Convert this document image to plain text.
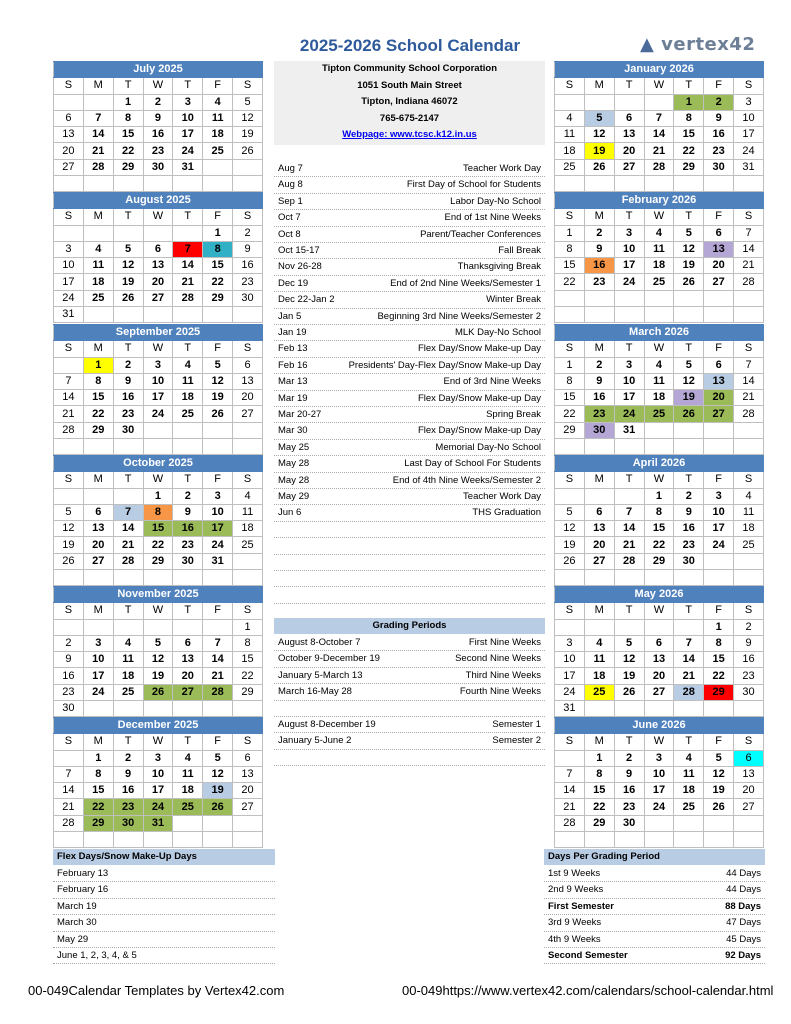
2025-2026 School Calendar	▲ vertex42
July 2025						
S	M	T	W	T	F	S
		1	2	3	4	5
6	7	8	9	10	11	12
13	14	15	16	17	18	19
20	21	22	23	24	25	26
27	28	29	30	31		

August 2025						
S	M	T	W	T	F	S
					1	2
3	4	5	6	7	8	9
10	11	12	13	14	15	16
17	18	19	20	21	22	23
24	25	26	27	28	29	30
31						
September 2025						
S	M	T	W	T	F	S
	1	2	3	4	5	6
7	8	9	10	11	12	13
14	15	16	17	18	19	20
21	22	23	24	25	26	27
28	29	30				

October 2025						
S	M	T	W	T	F	S
			1	2	3	4
5	6	7	8	9	10	11
12	13	14	15	16	17	18
19	20	21	22	23	24	25
26	27	28	29	30	31	

November 2025						
S	M	T	W	T	F	S
						1
2	3	4	5	6	7	8
9	10	11	12	13	14	15
16	17	18	19	20	21	22
23	24	25	26	27	28	29
30						
December 2025						
S	M	T	W	T	F	S
	1	2	3	4	5	6
7	8	9	10	11	12	13
14	15	16	17	18	19	20
21	22	23	24	25	26	27
28	29	30	31			

January 2026						
S	M	T	W	T	F	S
				1	2	3
4	5	6	7	8	9	10
11	12	13	14	15	16	17
18	19	20	21	22	23	24
25	26	27	28	29	30	31

February 2026						
S	M	T	W	T	F	S
1	2	3	4	5	6	7
8	9	10	11	12	13	14
15	16	17	18	19	20	21
22	23	24	25	26	27	28

March 2026						
S	M	T	W	T	F	S
1	2	3	4	5	6	7
8	9	10	11	12	13	14
15	16	17	18	19	20	21
22	23	24	25	26	27	28
29	30	31				

April 2026						
S	M	T	W	T	F	S
			1	2	3	4
5	6	7	8	9	10	11
12	13	14	15	16	17	18
19	20	21	22	23	24	25
26	27	28	29	30		

May 2026						
S	M	T	W	T	F	S
					1	2
3	4	5	6	7	8	9
10	11	12	13	14	15	16
17	18	19	20	21	22	23
24	25	26	27	28	29	30
31						
June 2026						
S	M	T	W	T	F	S
	1	2	3	4	5	6
7	8	9	10	11	12	13
14	15	16	17	18	19	20
21	22	23	24	25	26	27
28	29	30				

Tipton Community School Corporation
1051 South Main Street
Tipton, Indiana 46072
765-675-2147
Webpage: www.tcsc.k12.in.us
Aug 7	Teacher Work Day
Aug 8	First Day of School for Students
Sep 1	Labor Day-No School
Oct 7	End of 1st Nine Weeks
Oct 8	Parent/Teacher Conferences
Oct 15-17	Fall Break
Nov 26-28	Thanksgiving Break
Dec 19	End of 2nd Nine Weeks/Semester 1
Dec 22-Jan 2	Winter Break
Jan 5	Beginning 3rd Nine Weeks/Semester 2
Jan 19	MLK Day-No School
Feb 13	Flex Day/Snow Make-up Day
Feb 16	Presidents' Day-Flex Day/Snow Make-up Day
Mar 13	End of 3rd Nine Weeks
Mar 19	Flex Day/Snow Make-up Day
Mar 20-27	Spring Break
Mar 30	Flex Day/Snow Make-up Day
May 25	Memorial Day-No School
May 28	Last Day of School For Students
May 28	End of 4th Nine Weeks/Semester 2
May 29	Teacher Work Day
Jun 6	THS Graduation
Grading Periods
August 8-October 7	First Nine Weeks
October 9-December 19	Second Nine Weeks
January 5-March 13	Third Nine Weeks
March 16-May 28	Fourth Nine Weeks
August 8-December 19	Semester 1
January 5-June 2	Semester 2
Flex Days/Snow Make-Up Days
February 13
February 16
March 19
March 30
May 29
June 1, 2, 3, 4, & 5
Days Per Grading Period
1st 9 Weeks	44 Days
2nd 9 Weeks	44 Days
First Semester	88 Days
3rd 9 Weeks	47 Days
4th 9 Weeks	45 Days
Second Semester	92 Days
00-049Calendar Templates by Vertex42.com	00-049https://www.vertex42.com/calendars/school-calendar.html
